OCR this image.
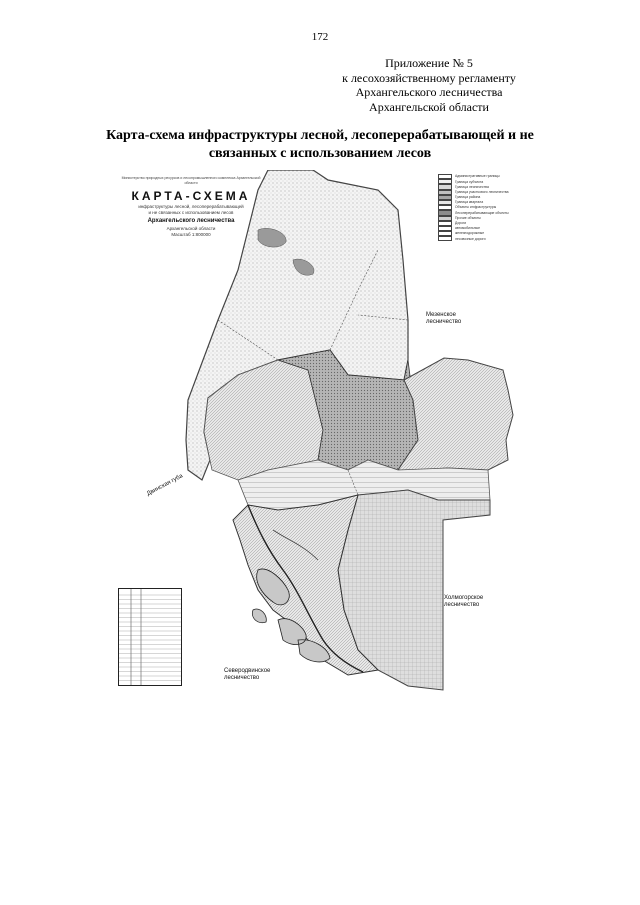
172
Приложение № 5
к лесохозяйственному регламенту
Архангельского лесничества
Архангельской области
Карта-схема инфраструктуры лесной, лесоперерабатывающей и не
связанных с использованием лесов
Министерство природных ресурсов и лесопромышленного комплекса Архангельской области
КАРТА-СХЕМА
инфраструктуры лесной, лесоперерабатывающей
и не связанных с использованием лесов
Архангельского лесничества
Архангельской области
Масштаб 1:800000
Мезенское
лесничество
Двинская губа
Холмогорское
лесничество
Северодвинское
лесничество
Административные границы
Граница субъекта
Граница лесничества
Граница участкового лесничества
Граница района
Граница квартала
Объекты инфраструктуры
Лесоперерабатывающие объекты
Прочие объекты
Дороги
автомобильные
железнодорожные
лесовозные дороги
